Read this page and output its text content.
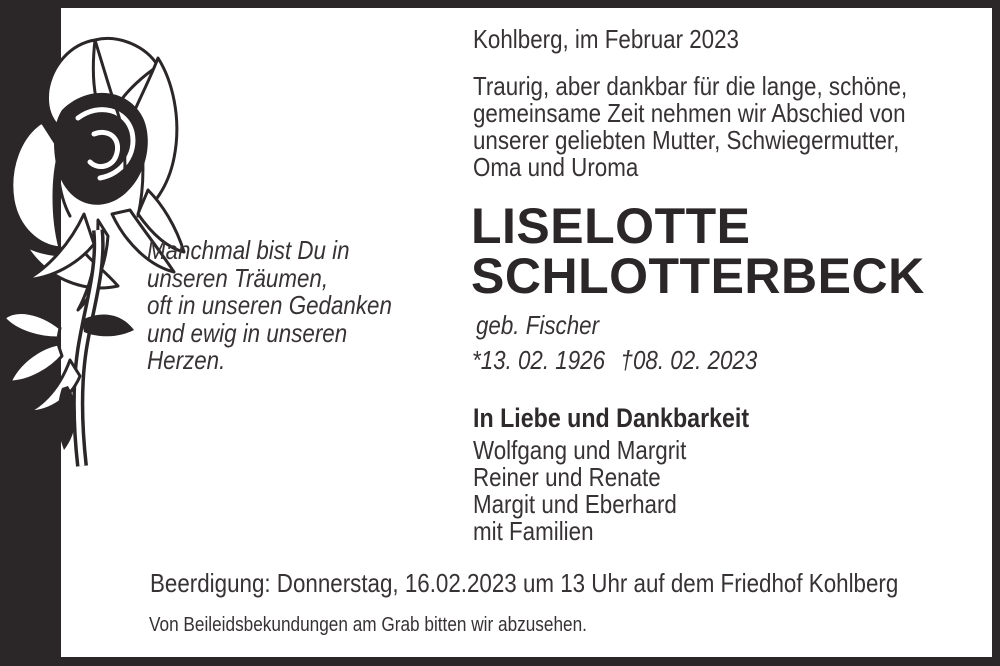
Manchmal bist Du in
unseren Träumen,
oft in unseren Gedanken
und ewig in unseren
Herzen.
Kohlberg, im Februar 2023
Traurig, aber dankbar für die lange, schöne,
gemeinsame Zeit nehmen wir Abschied von
unserer geliebten Mutter, Schwiegermutter,
Oma und Uroma
LISELOTTE
SCHLOTTERBECK
geb. Fischer
*13. 02. 1926 †08. 02. 2023
In Liebe und Dankbarkeit
Wolfgang und Margrit
Reiner und Renate
Margit und Eberhard
mit Familien
Beerdigung: Donnerstag, 16.02.2023 um 13 Uhr auf dem Friedhof Kohlberg
Von Beileidsbekundungen am Grab bitten wir abzusehen.
